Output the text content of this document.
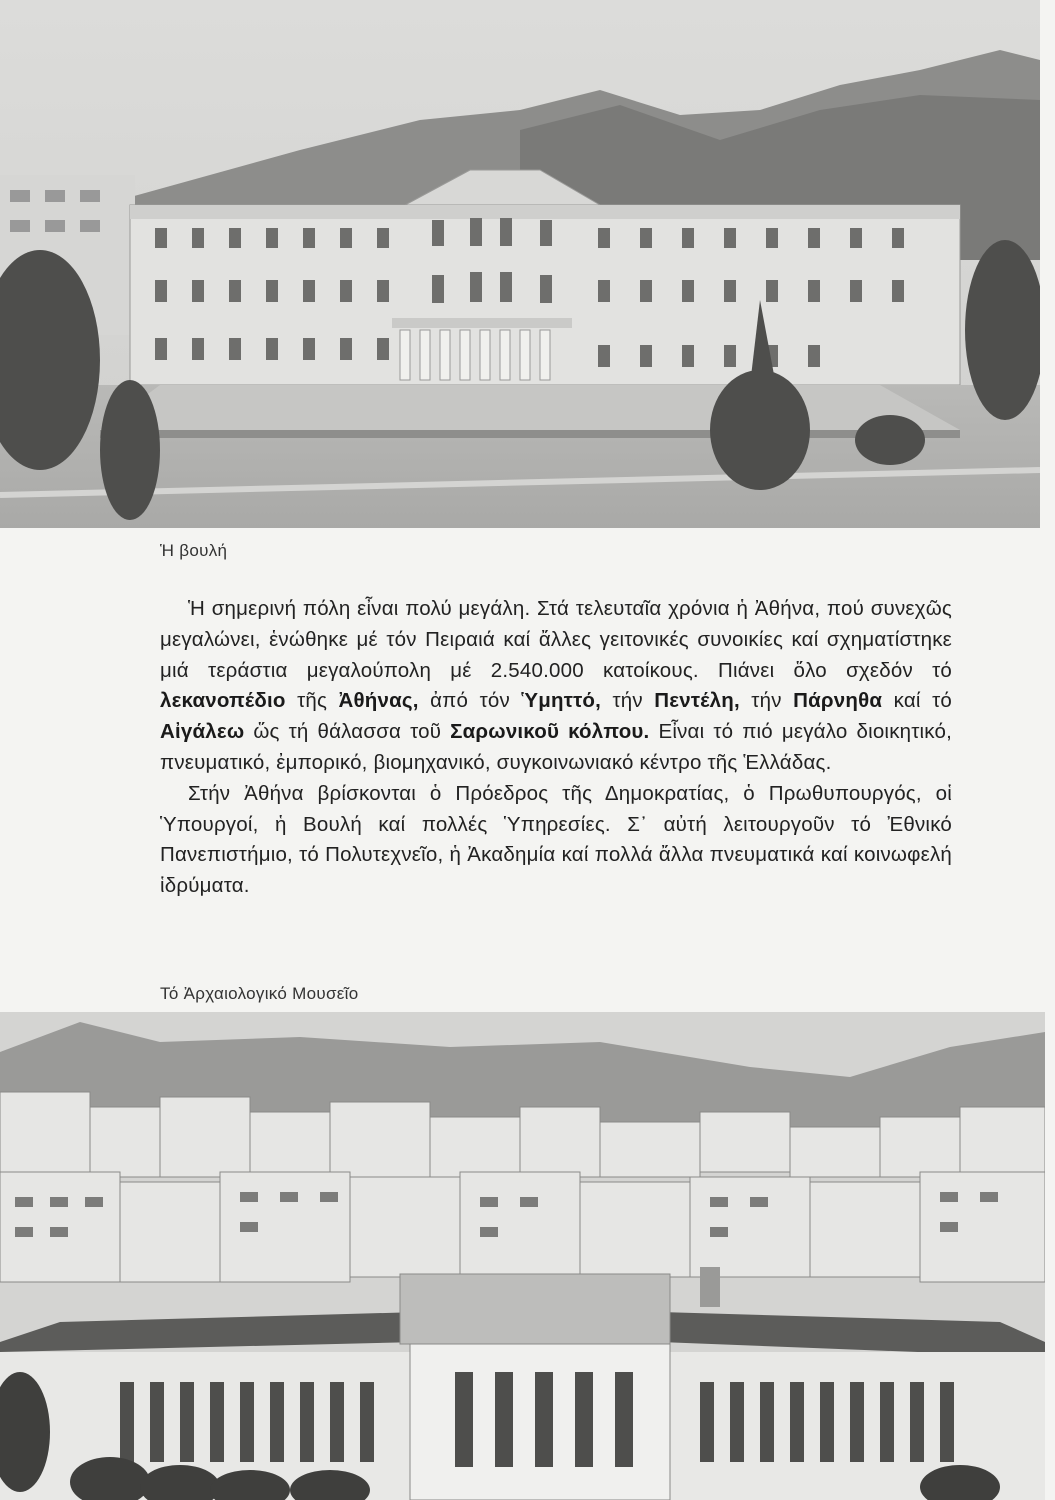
Ἡ βουλή

Ἡ σημερινή πόλη εἶναι πολύ μεγάλη. Στά τελευταῖα χρόνια ἡ Ἀθήνα, πού συνεχῶς μεγαλώνει, ἑνώθηκε μέ τόν Πειραιά καί ἄλλες γειτονικές συνοικίες καί σχηματίστηκε μιά τεράστια μεγαλούπολη μέ 2.540.000 κατοίκους. Πιάνει ὅλο σχεδόν τό λεκανοπέδιο τῆς Ἀθήνας, ἀπό τόν Ὑμηττό, τήν Πεντέλη, τήν Πάρνηθα καί τό Αἰγάλεω ὥς τή θάλασσα τοῦ Σαρωνικοῦ κόλπου. Εἶναι τό πιό μεγάλο διοικητικό, πνευματικό, ἐμπορικό, βιομηχανικό, συγκοινωνιακό κέντρο τῆς Ἑλλάδας.

Στήν Ἀθήνα βρίσκονται ὁ Πρόεδρος τῆς Δημοκρατίας, ὁ Πρωθυπουργός, οἱ Ὑπουργοί, ἡ Βουλή καί πολλές Ὑπηρεσίες. Σ᾽ αὐτή λειτουργοῦν τό Ἐθνικό Πανεπιστήμιο, τό Πολυτεχνεῖο, ἡ Ἀκαδημία καί πολλά ἄλλα πνευματικά καί κοινωφελή ἱδρύματα.

Τό Ἀρχαιολογικό Μουσεῖο
